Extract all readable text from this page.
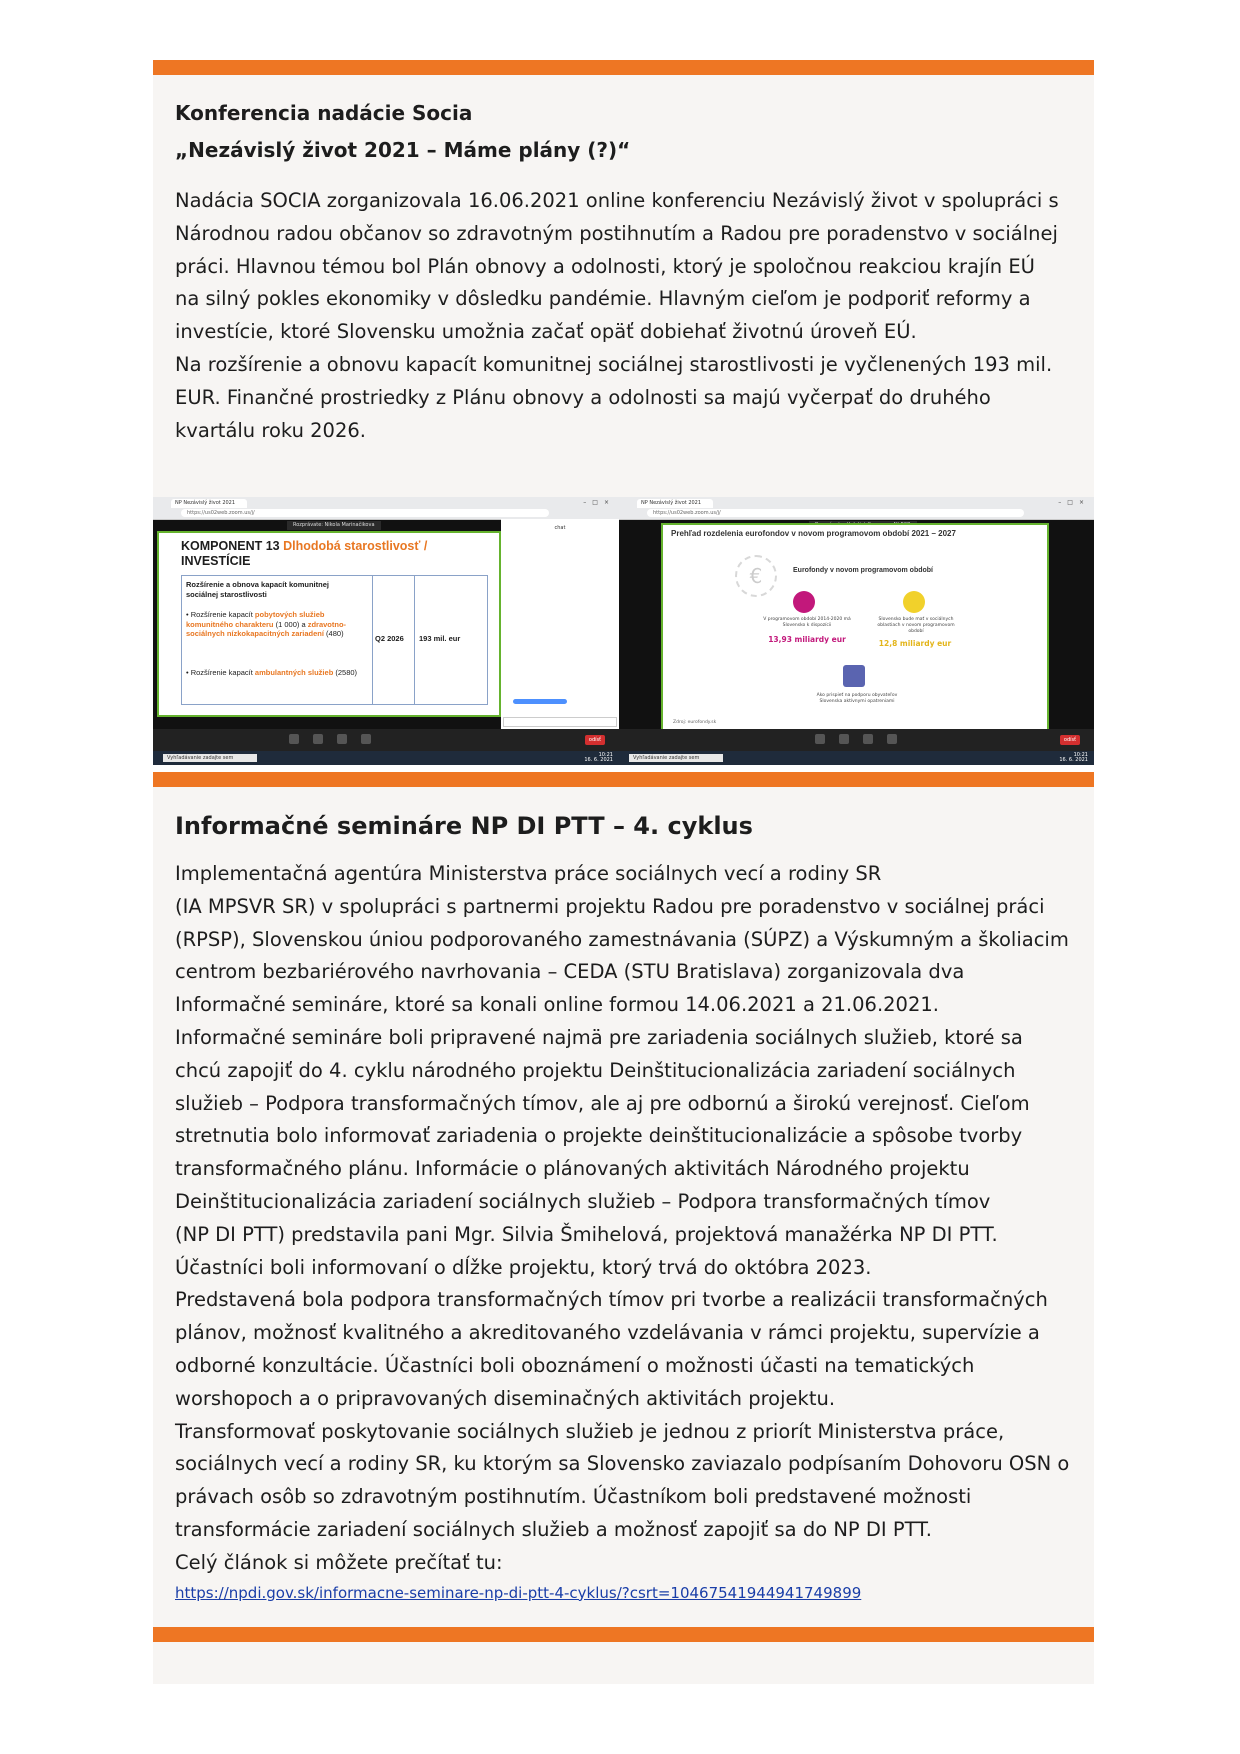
Konferencia nadácie Socia
„Nezávislý život 2021 – Máme plány (?)“

Nadácia SOCIA zorganizovala 16.06.2021 online konferenciu Nezávislý život v spolupráci s
Národnou radou občanov so zdravotným postihnutím a Radou pre poradenstvo v sociálnej
práci. Hlavnou témou bol Plán obnovy a odolnosti, ktorý je spoločnou reakciou krajín EÚ
na silný pokles ekonomiky v dôsledku pandémie. Hlavným cieľom je podporiť reformy a
investície, ktoré Slovensku umožnia začať opäť dobiehať životnú úroveň EÚ.
Na rozšírenie a obnovu kapacít komunitnej sociálnej starostlivosti je vyčlenených 193 mil.
EUR. Finančné prostriedky z Plánu obnovy a odolnosti sa majú vyčerpať do druhého
kvartálu roku 2026.

NP Nezávislý život 2021
https://us02web.zoom.us/j/
–□×
Rozprávate: Nikola Marinačikova
KOMPONENT 13 Dlhodobá starostlivosť /
INVESTÍCIE
Rozšírenie a obnova kapacít komunitnej sociálnej starostlivosti
• Rozšírenie kapacít pobytových služieb komunitného charakteru (1 000) a zdravotno-sociálnych nízkokapacitných zariadení (480)
• Rozšírenie kapacít ambulantných služieb (2580)
Q2 2026 193 mil. eur
chat
odísť
Vyhľadávanie zadajte sem	10:21
16. 6. 2021
NP Nezávislý život 2021
https://us02web.zoom.us/j/
–□×
Prehľad rozdelenia eurofondov v novom programovom období 2021 – 2027
€	Eurofondy v novom programovom období
V programovom období 2014-2020 má Slovensko k dispozícii
13,93 miliardy eur
Slovensko bude mať v sociálnych oblastiach v novom programovom období
12,8 miliardy eur
Ako prispieť na podporu obyvateľov Slovenska aktívnymi opatreniami
Zdroj: eurofondy.sk
odísť
Vyhľadávanie zadajte sem	10:21
16. 6. 2021
Informačné semináre NP DI PTT – 4. cyklus

Implementačná agentúra Ministerstva práce sociálnych vecí a rodiny SR
(IA MPSVR SR) v spolupráci s partnermi projektu Radou pre poradenstvo v sociálnej práci
(RPSP), Slovenskou úniou podporovaného zamestnávania (SÚPZ) a Výskumným a školiacim
centrom bezbariérového navrhovania – CEDA (STU Bratislava) zorganizovala dva
Informačné semináre, ktoré sa konali online formou 14.06.2021 a 21.06.2021.
Informačné semináre boli pripravené najmä pre zariadenia sociálnych služieb, ktoré sa
chcú zapojiť do 4. cyklu národného projektu Deinštitucionalizácia zariadení sociálnych
služieb – Podpora transformačných tímov, ale aj pre odbornú a širokú verejnosť. Cieľom
stretnutia bolo informovať zariadenia o projekte deinštitucionalizácie a spôsobe tvorby
transformačného plánu. Informácie o plánovaných aktivitách Národného projektu
Deinštitucionalizácia zariadení sociálnych služieb – Podpora transformačných tímov
(NP DI PTT) predstavila pani Mgr. Silvia Šmihelová, projektová manažérka NP DI PTT.
Účastníci boli informovaní o dĺžke projektu, ktorý trvá do októbra 2023.
Predstavená bola podpora transformačných tímov pri tvorbe a realizácii transformačných
plánov, možnosť kvalitného a akreditovaného vzdelávania v rámci projektu, supervízie a
odborné konzultácie. Účastníci boli oboznámení o možnosti účasti na tematických
worshopoch a o pripravovaných diseminačných aktivitách projektu.
Transformovať poskytovanie sociálnych služieb je jednou z priorít Ministerstva práce,
sociálnych vecí a rodiny SR, ku ktorým sa Slovensko zaviazalo podpísaním Dohovoru OSN o
právach osôb so zdravotným postihnutím. Účastníkom boli predstavené možnosti
transformácie zariadení sociálnych služieb a možnosť zapojiť sa do NP DI PTT.
Celý článok si môžete prečítať tu:

https://npdi.gov.sk/informacne-seminare-np-di-ptt-4-cyklus/?csrt=10467541944941749899
